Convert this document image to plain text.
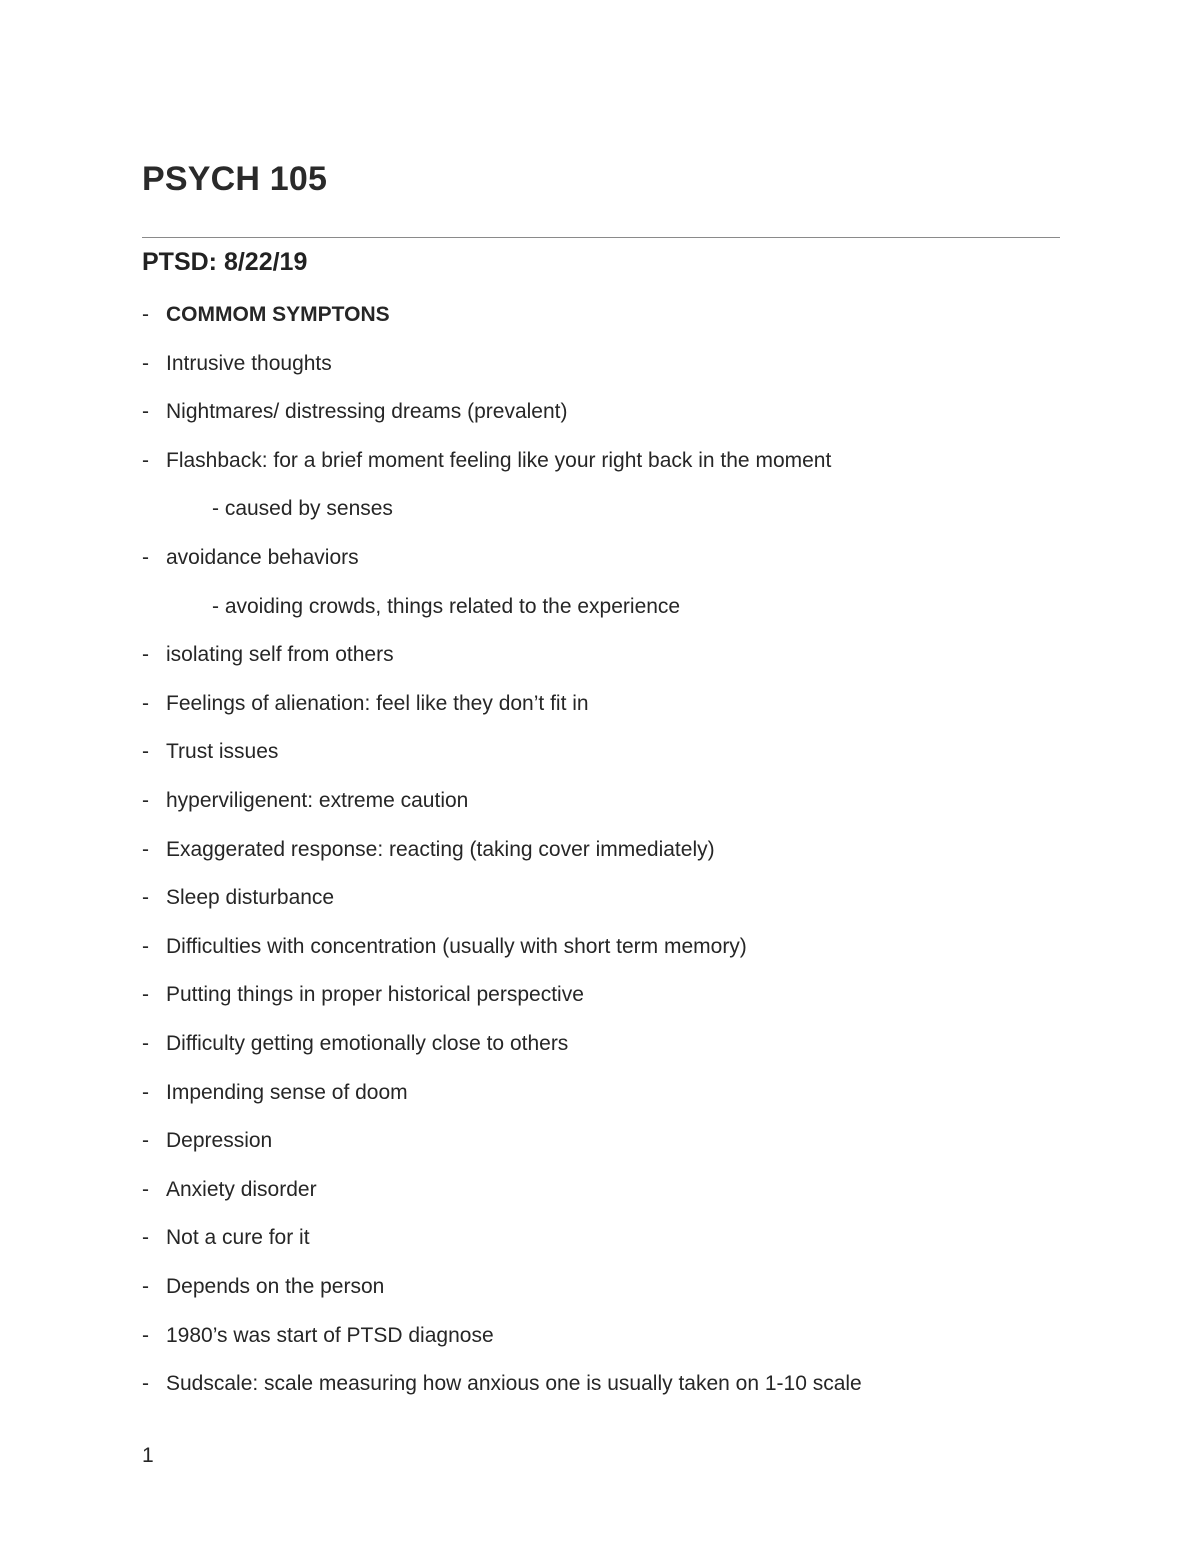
PSYCH 105
PTSD: 8/22/19
- COMMOM SYMPTONS
- Intrusive thoughts
- Nightmares/ distressing dreams (prevalent)
- Flashback: for a brief moment feeling like your right back in the moment
- caused by senses
- avoidance behaviors
- avoiding crowds, things related to the experience
- isolating self from others
- Feelings of alienation: feel like they don’t fit in
- Trust issues
- hyperviligenent: extreme caution
- Exaggerated response: reacting (taking cover immediately)
- Sleep disturbance
- Difficulties with concentration (usually with short term memory)
- Putting things in proper historical perspective
- Difficulty getting emotionally close to others
- Impending sense of doom
- Depression
- Anxiety disorder
- Not a cure for it
- Depends on the person
- 1980’s was start of PTSD diagnose
- Sudscale: scale measuring how anxious one is usually taken on 1-10 scale
1
